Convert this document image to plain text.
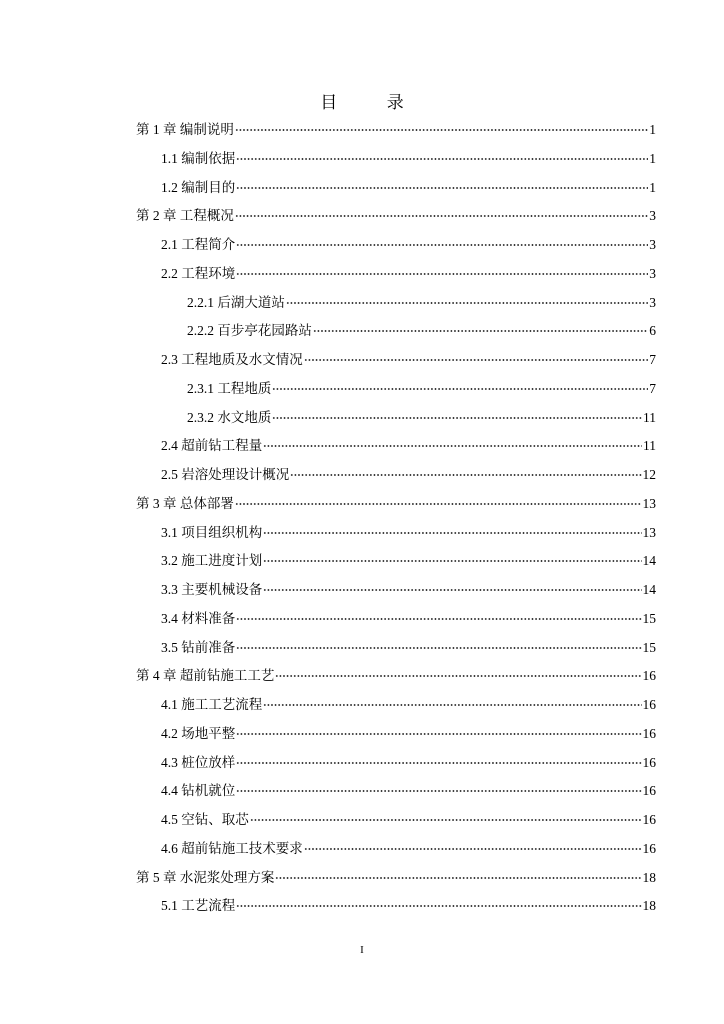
目 录
第 1 章 编制说明	1
1.1 编制依据	1
1.2 编制目的	1
第 2 章 工程概况	3
2.1 工程简介	3
2.2 工程环境	3
2.2.1 后湖大道站	3
2.2.2 百步亭花园路站	6
2.3 工程地质及水文情况	7
2.3.1 工程地质	7
2.3.2 水文地质	11
2.4 超前钻工程量	11
2.5 岩溶处理设计概况	12
第 3 章 总体部署	13
3.1 项目组织机构	13
3.2 施工进度计划	14
3.3 主要机械设备	14
3.4 材料准备	15
3.5 钻前准备	15
第 4 章 超前钻施工工艺	16
4.1 施工工艺流程	16
4.2 场地平整	16
4.3 桩位放样	16
4.4 钻机就位	16
4.5 空钻、取芯	16
4.6 超前钻施工技术要求	16
第 5 章 水泥浆处理方案	18
5.1 工艺流程	18
I
